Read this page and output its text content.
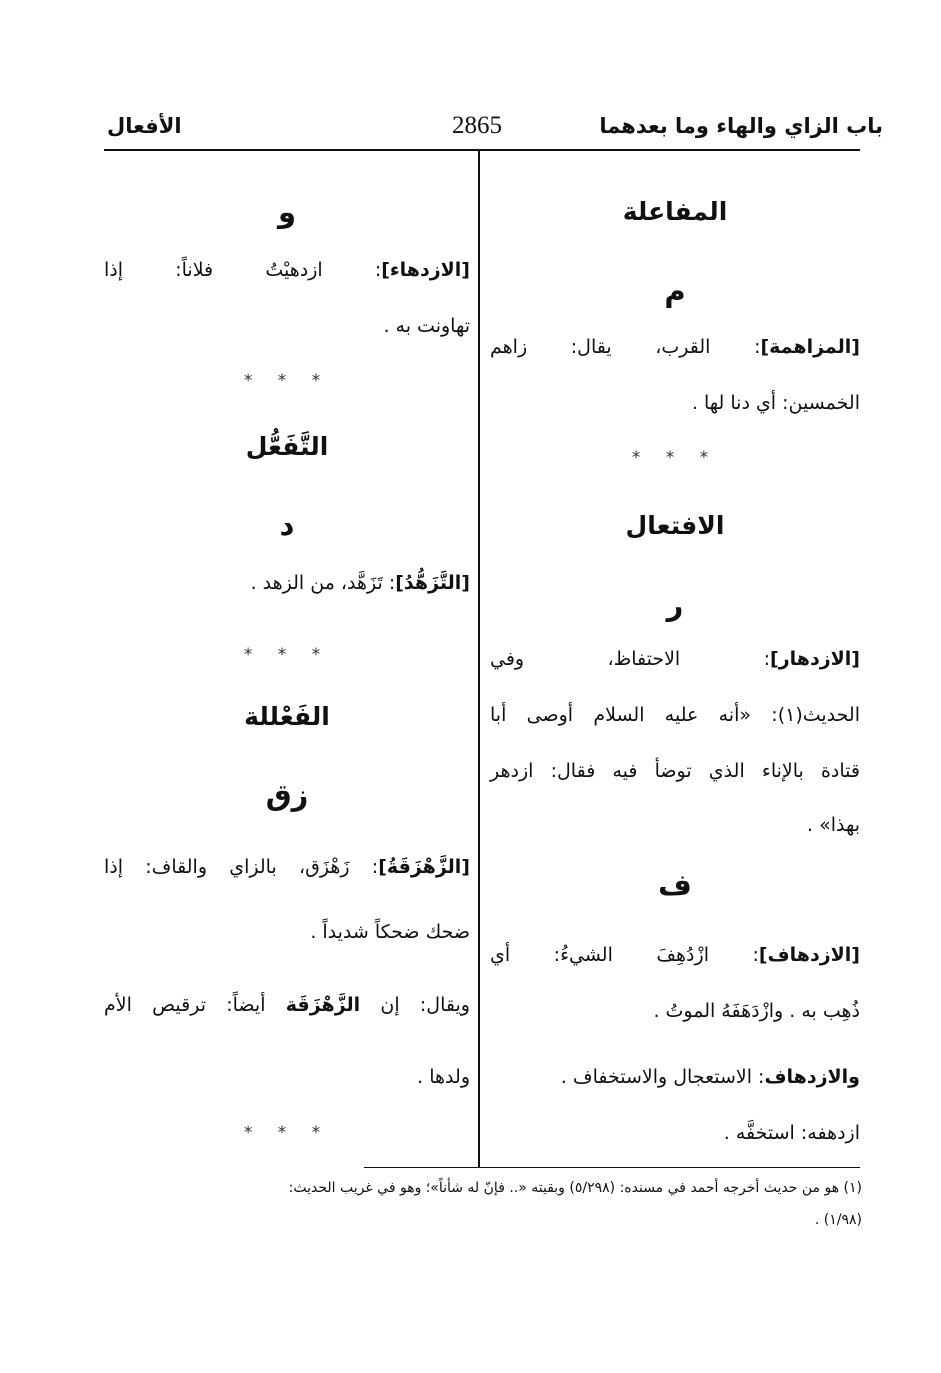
باب الزاي والهاء وما بعدهما
2865
الأفعال
المفاعلة
م
[المزاهمة]: القرب، يقال: زاهم
الخمسين: أي دنا لها .
* * *
الافتعال
ر
[الازدهار]: الاحتفاظ، وفي
الحديث(١): «أنه عليه السلام أوصى أبا
قتادة بالإناء الذي توضأ فيه فقال: ازدهر
بهذا» .
ف
[الازدهاف]: ازْدُهِفَ الشيءُ: أي
ذُهِب به . وازْدَهَفَهُ الموتُ .
والازدهاف: الاستعجال والاستخفاف .
ازدهفه: استخفَّه .
و
[الازدهاء]: ازدهيْتُ فلاناً: إذا
تهاونت به .
* * *
التَّفَعُّل
د
[التَّزَهُّدُ]: تَزَهَّد، من الزهد .
* * *
الفَعْللة
زق
[الزَّهْزَقَةُ]: زَهْزَق، بالزاي والقاف: إذا
ضحك ضحكاً شديداً .
ويقال: إن الزَّهْزَقَة أيضاً: ترقيص الأم
ولدها .
* * *
(١) هو من حديث أخرجه أحمد في مسنده: (٥/٢٩٨) وبقيته «.. فإنّ له شأناً»؛ وهو في غريب الحديث:
(١/٩٨) .
